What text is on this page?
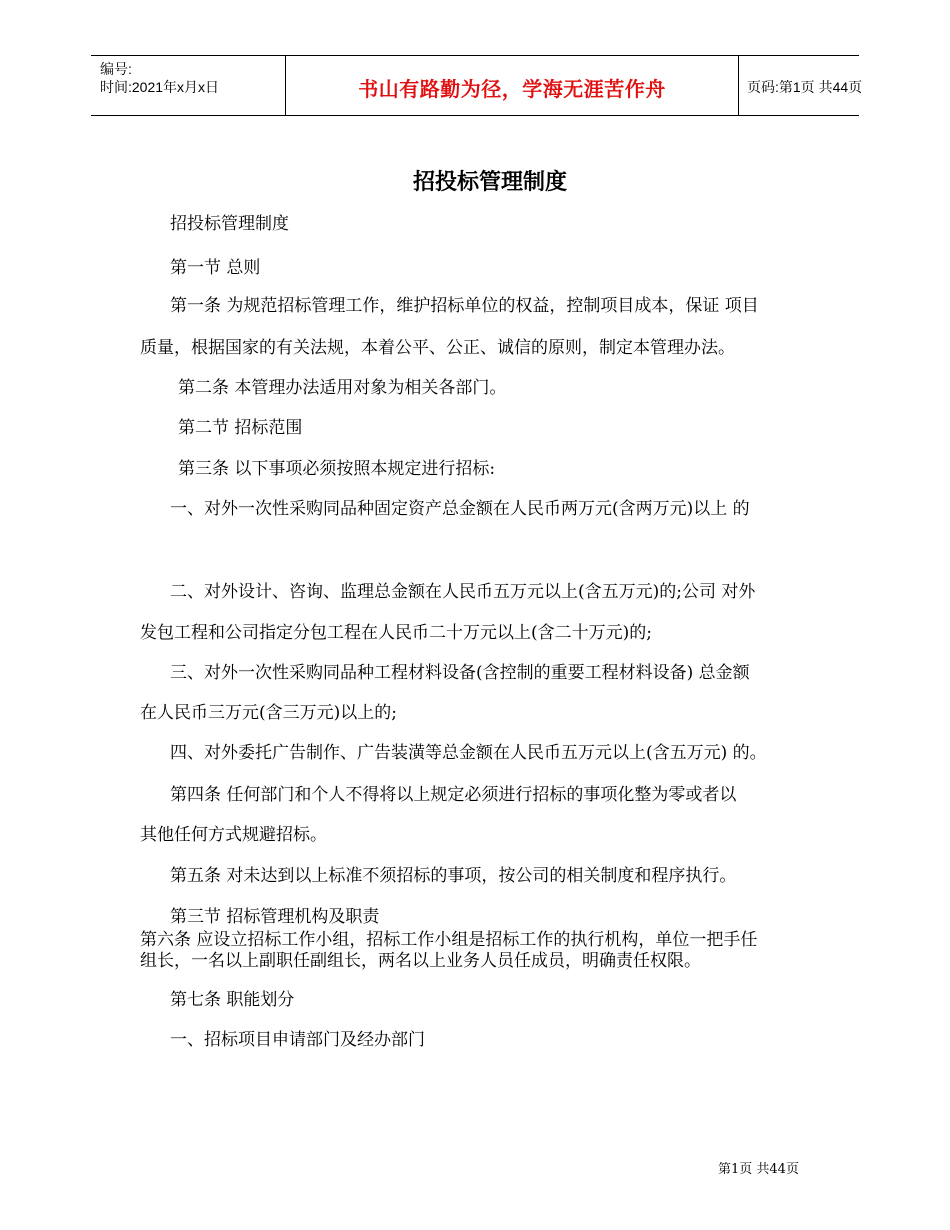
编号:
时间:2021年x月x日	书山有路勤为径，学海无涯苦作舟	页码:第1页 共44页
招投标管理制度
招投标管理制度
第一节 总则
第一条 为规范招标管理工作，维护招标单位的权益，控制项目成本，保证 项目
质量，根据国家的有关法规，本着公平、公正、诚信的原则，制定本管理办法。
第二条 本管理办法适用对象为相关各部门。
第二节 招标范围
第三条 以下事项必须按照本规定进行招标:
一、对外一次性采购同品种固定资产总金额在人民币两万元(含两万元)以上 的
二、对外设计、咨询、监理总金额在人民币五万元以上(含五万元)的;公司 对外
发包工程和公司指定分包工程在人民币二十万元以上(含二十万元)的;
三、对外一次性采购同品种工程材料设备(含控制的重要工程材料设备) 总金额
在人民币三万元(含三万元)以上的;
四、对外委托广告制作、广告装潢等总金额在人民币五万元以上(含五万元) 的。
第四条 任何部门和个人不得将以上规定必须进行招标的事项化整为零或者以
其他任何方式规避招标。
第五条 对未达到以上标准不须招标的事项，按公司的相关制度和程序执行。
第三节 招标管理机构及职责
第六条 应设立招标工作小组，招标工作小组是招标工作的执行机构，单位一把手任
组长，一名以上副职任副组长，两名以上业务人员任成员，明确责任权限。
第七条 职能划分
一、招标项目申请部门及经办部门
第1页 共44页
